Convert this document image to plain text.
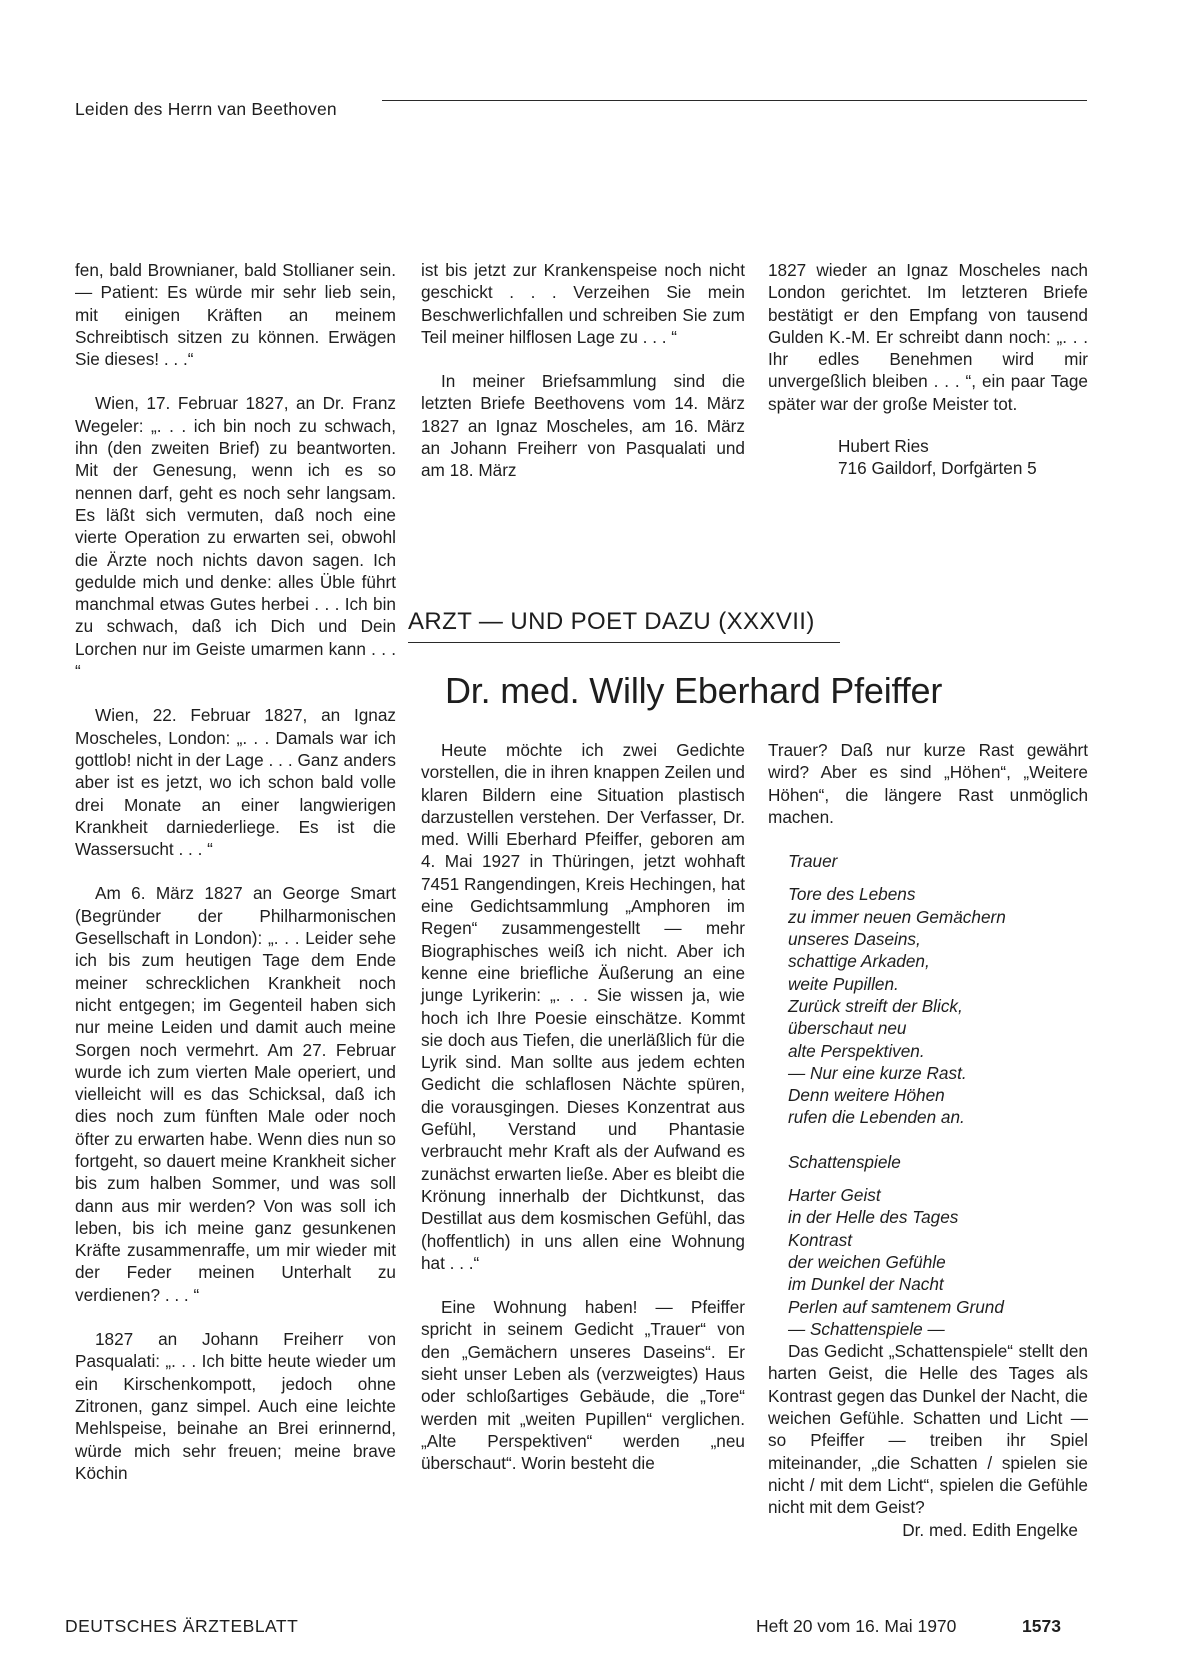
Leiden des Herrn van Beethoven

fen, bald Brownianer, bald Stollianer sein. — Patient: Es würde mir sehr lieb sein, mit einigen Kräften an meinem Schreibtisch sitzen zu können. Erwägen Sie dieses! . . .“

Wien, 17. Februar 1827, an Dr. Franz Wegeler: „. . . ich bin noch zu schwach, ihn (den zweiten Brief) zu beantworten. Mit der Genesung, wenn ich es so nennen darf, geht es noch sehr langsam. Es läßt sich vermuten, daß noch eine vierte Operation zu erwarten sei, obwohl die Ärzte noch nichts davon sagen. Ich gedulde mich und denke: alles Üble führt manchmal etwas Gutes herbei . . . Ich bin zu schwach, daß ich Dich und Dein Lorchen nur im Geiste umarmen kann . . . “

Wien, 22. Februar 1827, an Ignaz Moscheles, London: „. . . Damals war ich gottlob! nicht in der Lage . . . Ganz anders aber ist es jetzt, wo ich schon bald volle drei Monate an einer langwierigen Krankheit darniederliege. Es ist die Wassersucht . . . “

Am 6. März 1827 an George Smart (Begründer der Philharmonischen Gesellschaft in London): „. . . Leider sehe ich bis zum heutigen Tage dem Ende meiner schrecklichen Krankheit noch nicht entgegen; im Gegenteil haben sich nur meine Leiden und damit auch meine Sorgen noch vermehrt. Am 27. Februar wurde ich zum vierten Male operiert, und vielleicht will es das Schicksal, daß ich dies noch zum fünften Male oder noch öfter zu erwarten habe. Wenn dies nun so fortgeht, so dauert meine Krankheit sicher bis zum halben Sommer, und was soll dann aus mir werden? Von was soll ich leben, bis ich meine ganz gesunkenen Kräfte zusammenraffe, um mir wieder mit der Feder meinen Unterhalt zu verdienen? . . . “

1827 an Johann Freiherr von Pasqualati: „. . . Ich bitte heute wieder um ein Kirschenkompott, jedoch ohne Zitronen, ganz simpel. Auch eine leichte Mehlspeise, beinahe an Brei erinnernd, würde mich sehr freuen; meine brave Köchin

ist bis jetzt zur Krankenspeise noch nicht geschickt . . . Verzeihen Sie mein Beschwerlichfallen und schreiben Sie zum Teil meiner hilflosen Lage zu . . . “

In meiner Briefsammlung sind die letzten Briefe Beethovens vom 14. März 1827 an Ignaz Moscheles, am 16. März an Johann Freiherr von Pasqualati und am 18. März

1827 wieder an Ignaz Moscheles nach London gerichtet. Im letzteren Briefe bestätigt er den Empfang von tausend Gulden K.-M. Er schreibt dann noch: „. . . Ihr edles Benehmen wird mir unvergeßlich bleiben . . . “, ein paar Tage später war der große Meister tot.

Hubert Ries
716 Gaildorf, Dorfgärten 5
ARZT — UND POET DAZU (XXXVII)
Dr. med. Willy Eberhard Pfeiffer

Heute möchte ich zwei Gedichte vorstellen, die in ihren knappen Zeilen und klaren Bildern eine Situation plastisch darzustellen verstehen. Der Verfasser, Dr. med. Willi Eberhard Pfeiffer, geboren am 4. Mai 1927 in Thüringen, jetzt wohhaft 7451 Rangendingen, Kreis Hechingen, hat eine Gedichtsammlung „Amphoren im Regen“ zusammengestellt — mehr Biographisches weiß ich nicht. Aber ich kenne eine briefliche Äußerung an eine junge Lyrikerin: „. . . Sie wissen ja, wie hoch ich Ihre Poesie einschätze. Kommt sie doch aus Tiefen, die unerläßlich für die Lyrik sind. Man sollte aus jedem echten Gedicht die schlaflosen Nächte spüren, die vorausgingen. Dieses Konzentrat aus Gefühl, Verstand und Phantasie verbraucht mehr Kraft als der Aufwand es zunächst erwarten ließe. Aber es bleibt die Krönung innerhalb der Dichtkunst, das Destillat aus dem kosmischen Gefühl, das (hoffentlich) in uns allen eine Wohnung hat . . .“

Eine Wohnung haben! — Pfeiffer spricht in seinem Gedicht „Trauer“ von den „Gemächern unseres Daseins“. Er sieht unser Leben als (verzweigtes) Haus oder schloßartiges Gebäude, die „Tore“ werden mit „weiten Pupillen“ verglichen. „Alte Perspektiven“ werden „neu überschaut“. Worin besteht die

Trauer? Daß nur kurze Rast gewährt wird? Aber es sind „Höhen“, „Weitere Höhen“, die längere Rast unmöglich machen.

Trauer
Tore des Lebens
zu immer neuen Gemächern
unseres Daseins,
schattige Arkaden,
weite Pupillen.
Zurück streift der Blick,
überschaut neu
alte Perspektiven.
— Nur eine kurze Rast.
Denn weitere Höhen
rufen die Lebenden an.
Schattenspiele
Harter Geist
in der Helle des Tages
Kontrast
der weichen Gefühle
im Dunkel der Nacht
Perlen auf samtenem Grund
— Schattenspiele —

Das Gedicht „Schattenspiele“ stellt den harten Geist, die Helle des Tages als Kontrast gegen das Dunkel der Nacht, die weichen Gefühle. Schatten und Licht — so Pfeiffer — treiben ihr Spiel miteinander, „die Schatten / spielen sie nicht / mit dem Licht“, spielen die Gefühle nicht mit dem Geist?

Dr. med. Edith Engelke
DEUTSCHES ÄRZTEBLATT	Heft 20 vom 16. Mai 1970	1573
